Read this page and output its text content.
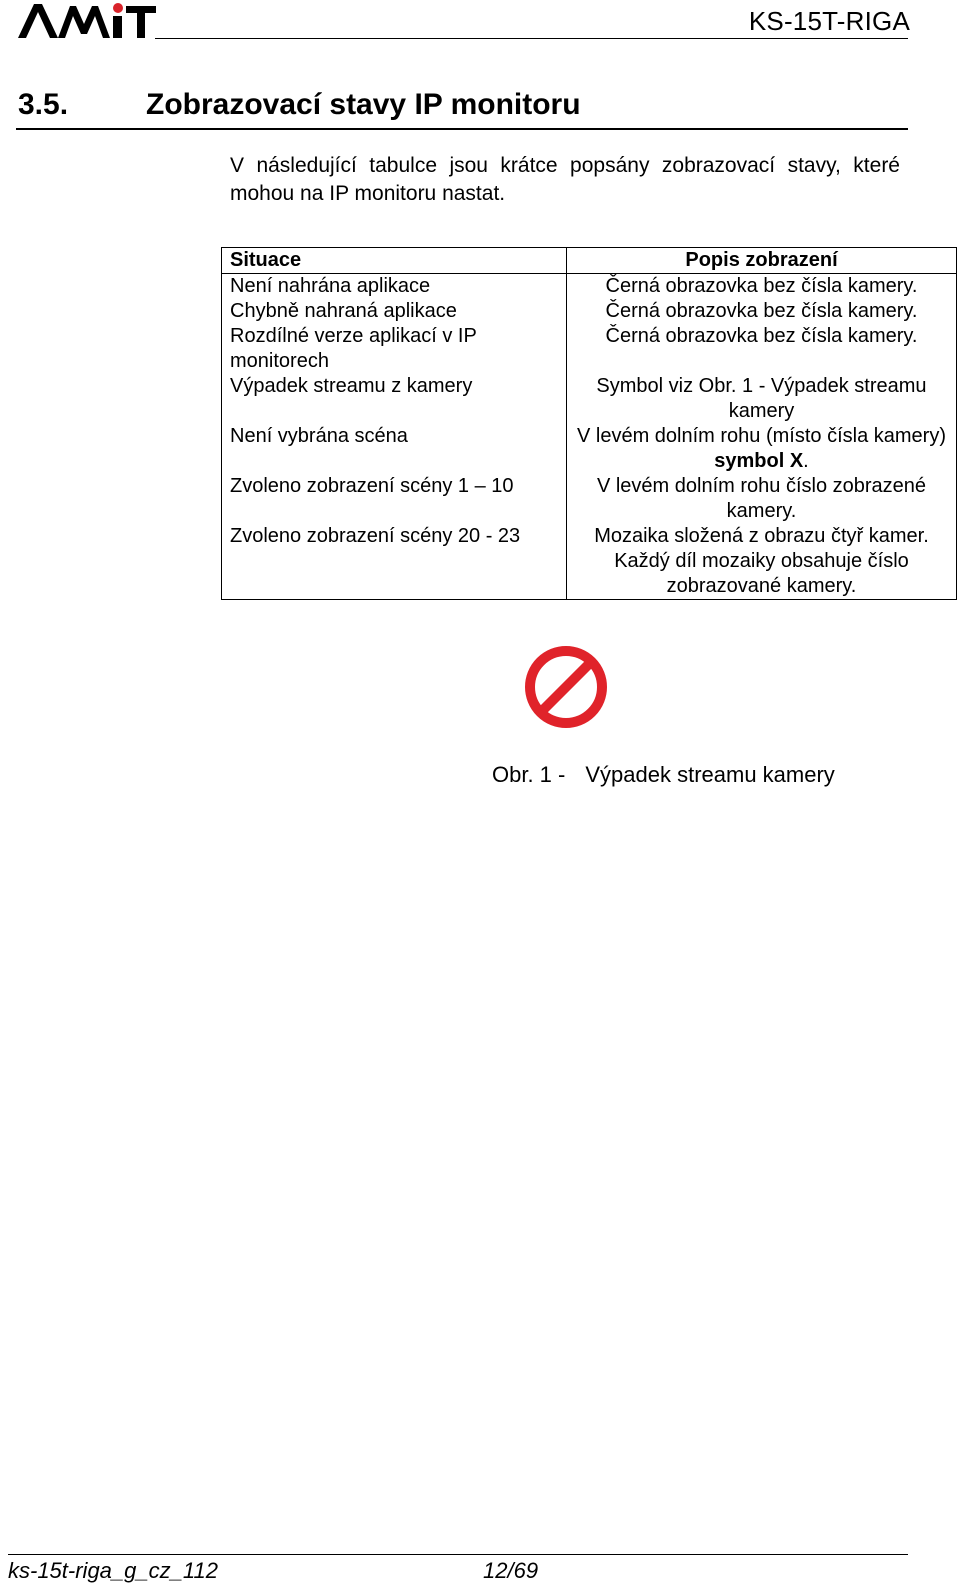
KS-15T-RIGA
3.5.	Zobrazovací stavy IP monitoru
V následující tabulce jsou krátce popsány zobrazovací stavy, které mohou na IP monitoru nastat.
Situace	Popis zobrazení
Není nahrána aplikace	Černá obrazovka bez čísla kamery.
Chybně nahraná aplikace	Černá obrazovka bez čísla kamery.
Rozdílné verze aplikací v IP monitorech	Černá obrazovka bez čísla kamery.
Výpadek streamu z kamery	Symbol viz Obr. 1 - Výpadek streamu kamery
Není vybrána scéna	V levém dolním rohu (místo čísla kamery) symbol X.
Zvoleno zobrazení scény 1 – 10	V levém dolním rohu číslo zobrazené kamery.
Zvoleno zobrazení scény 20 - 23	Mozaika složená z obrazu čtyř kamer. Každý díl mozaiky obsahuje číslo zobrazované kamery.
Obr. 1 - Výpadek streamu kamery
ks-15t-riga_g_cz_112	12/69
